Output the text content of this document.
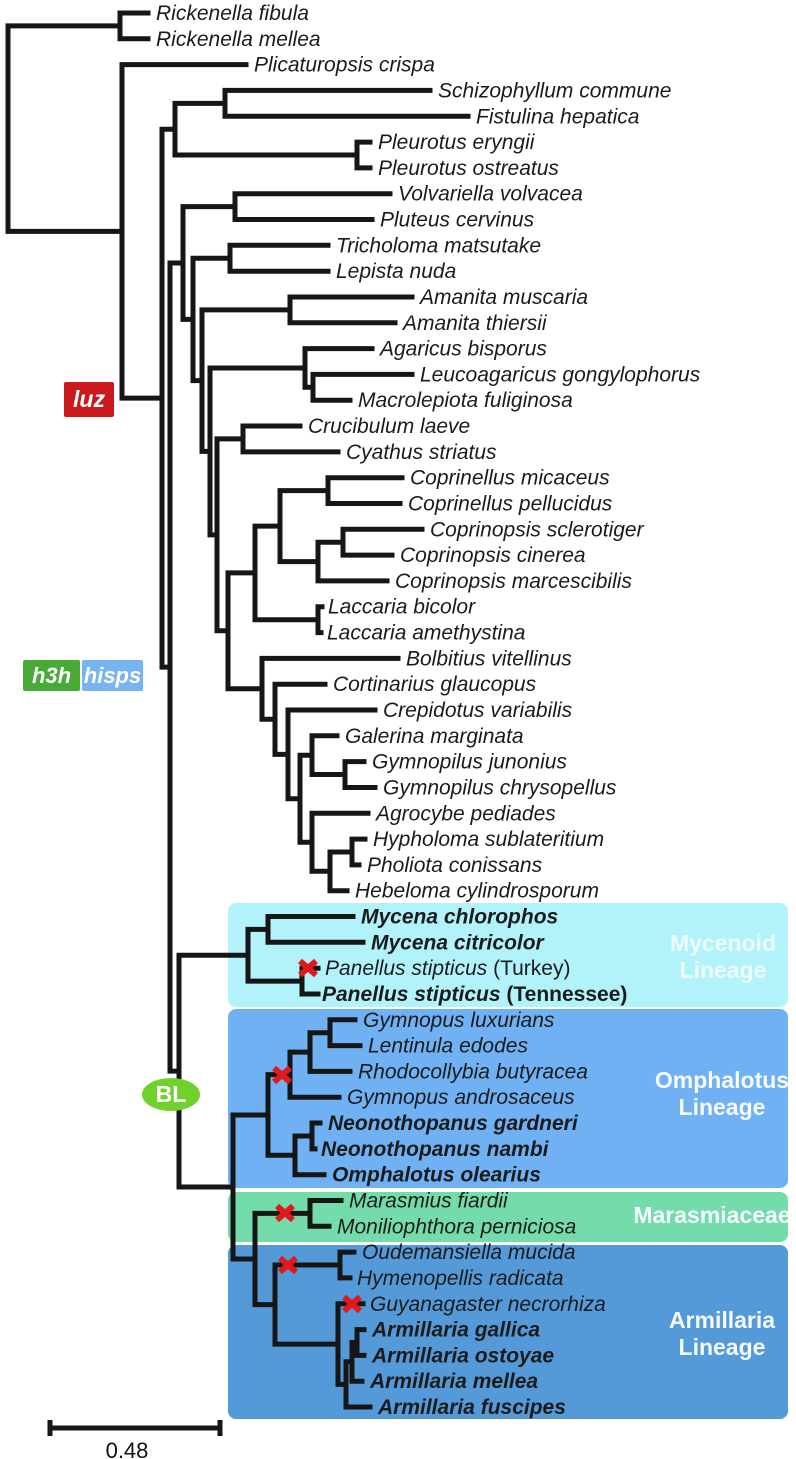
Rickenella fibula
Rickenella mellea
Plicaturopsis crispa
Schizophyllum commune
Fistulina hepatica
Pleurotus eryngii
Pleurotus ostreatus
Volvariella volvacea
Pluteus cervinus
Tricholoma matsutake
Lepista nuda
Amanita muscaria
Amanita thiersii
Agaricus bisporus
Leucoagaricus gongylophorus
Macrolepiota fuliginosa
Crucibulum laeve
Cyathus striatus
Coprinellus micaceus
Coprinellus pellucidus
Coprinopsis sclerotiger
Coprinopsis cinerea
Coprinopsis marcescibilis
Laccaria bicolor
Laccaria amethystina
Bolbitius vitellinus
Cortinarius glaucopus
Crepidotus variabilis
Galerina marginata
Gymnopilus junonius
Gymnopilus chrysopellus
Agrocybe pediades
Hypholoma sublateritium
Pholiota conissans
Hebeloma cylindrosporum
Mycena chlorophos
Mycena citricolor
Panellus stipticus (Turkey)
Panellus stipticus (Tennessee)
Gymnopus luxurians
Lentinula edodes
Rhodocollybia butyracea
Gymnopus androsaceus
Neonothopanus gardneri
Neonothopanus nambi
Omphalotus olearius
Marasmius fiardii
Moniliophthora perniciosa
Oudemansiella mucida
Hymenopellis radicata
Guyanagaster necrorhiza
Armillaria gallica
Armillaria ostoyae
Armillaria mellea
Armillaria fuscipes
luz
h3h hisps
BL
Mycenoid
Lineage
Omphalotus
Lineage
Marasmiaceae
Armillaria
Lineage
0.48
